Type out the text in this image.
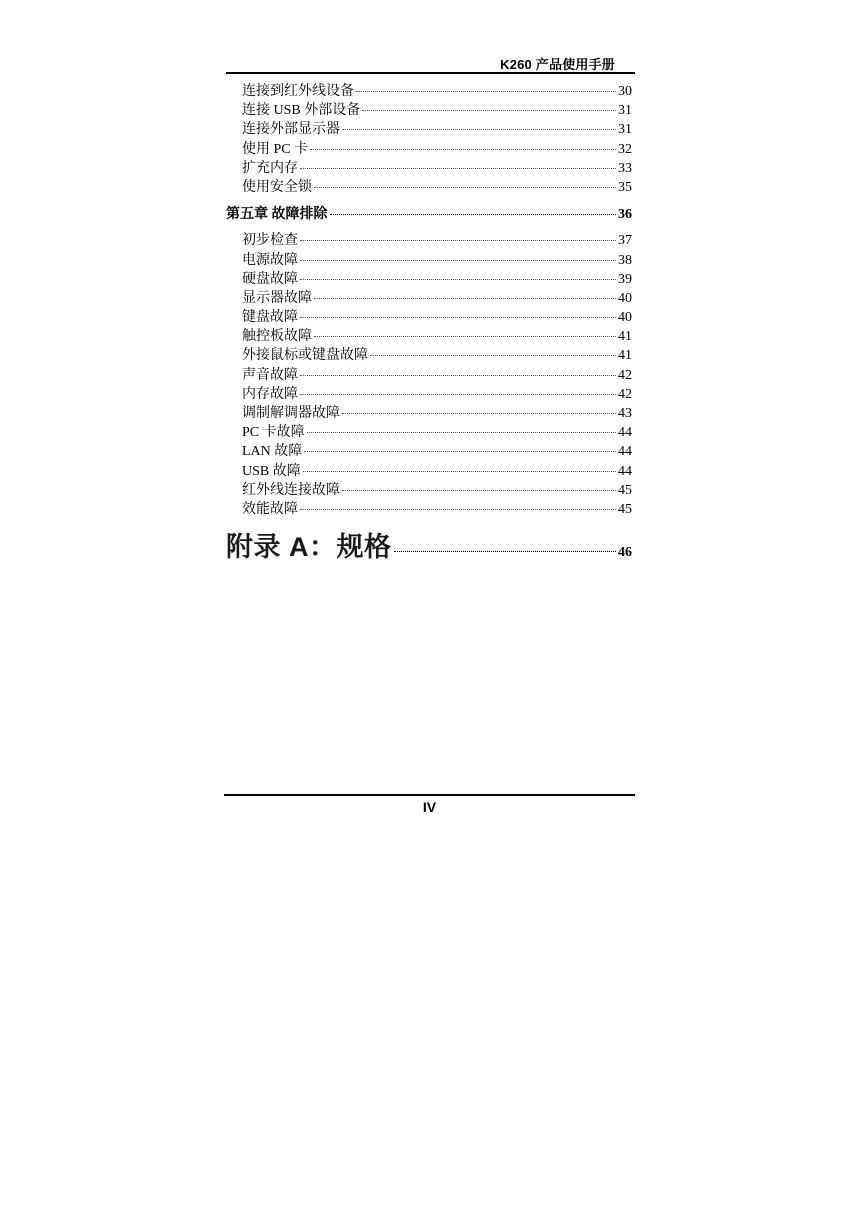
K260 产品使用手册
连接到红外线设备	30
连接 USB 外部设备	31
连接外部显示器	31
使用 PC 卡	32
扩充内存	33
使用安全锁	35
第五章 故障排除	36
初步检查	37
电源故障	38
硬盘故障	39
显示器故障	40
键盘故障	40
触控板故障	41
外接鼠标或键盘故障	41
声音故障	42
内存故障	42
调制解调器故障	43
PC 卡故障	44
LAN 故障	44
USB 故障	44
红外线连接故障	45
效能故障	45
附录 A：规格	46
IV
